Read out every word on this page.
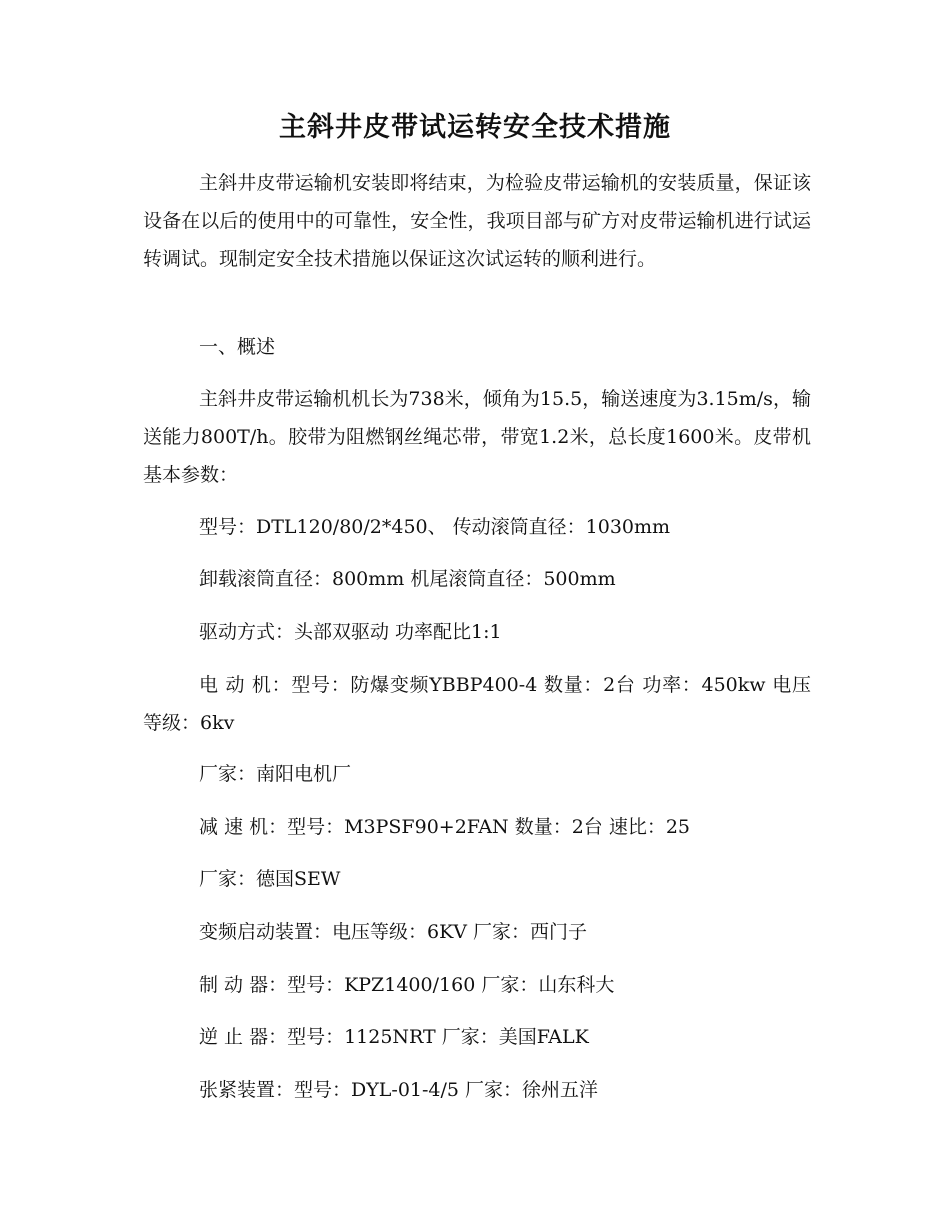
主斜井皮带试运转安全技术措施

主斜井皮带运输机安装即将结束，为检验皮带运输机的安装质量，保证该设备在以后的使用中的可靠性，安全性，我项目部与矿方对皮带运输机进行试运转调试。现制定安全技术措施以保证这次试运转的顺利进行。

一、概述

主斜井皮带运输机机长为738米，倾角为15.5，输送速度为3.15m/s，输送能力800T/h。胶带为阻燃钢丝绳芯带，带宽1.2米，总长度1600米。皮带机基本参数：

型号：DTL120/80/2*450、 传动滚筒直径：1030mm

卸载滚筒直径：800mm 机尾滚筒直径：500mm

驱动方式：头部双驱动 功率配比1:1

电 动 机：型号：防爆变频YBBP400-4 数量：2台 功率：450kw 电压等级：6kv

厂家：南阳电机厂

减 速 机：型号：M3PSF90+2FAN 数量：2台 速比：25

厂家：德国SEW

变频启动装置：电压等级：6KV 厂家：西门子

制 动 器：型号：KPZ1400/160 厂家：山东科大

逆 止 器：型号：1125NRT 厂家：美国FALK

张紧装置：型号：DYL-01-4/5 厂家：徐州五洋
